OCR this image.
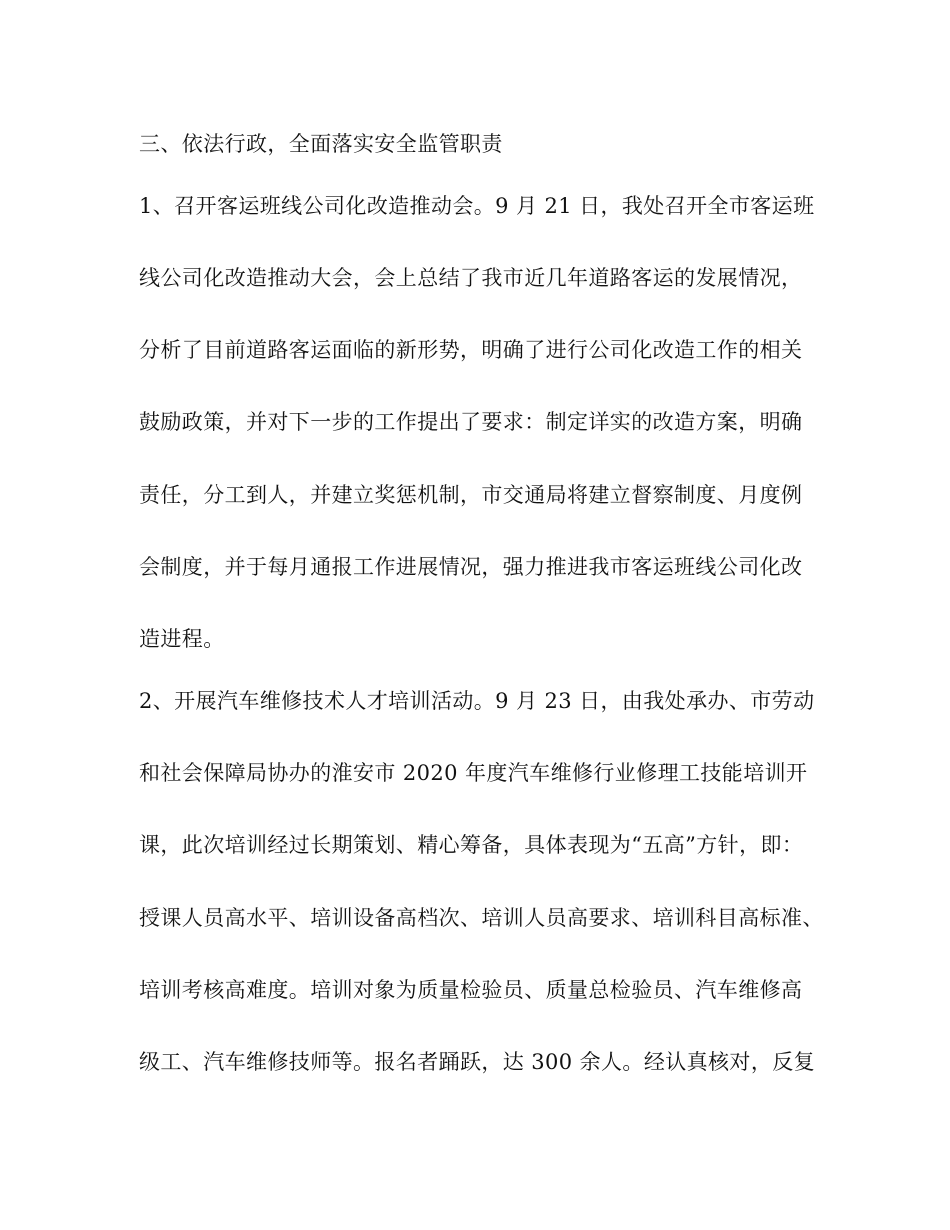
三、依法行政，全面落实安全监管职责
1、召开客运班线公司化改造推动会。9 月 21 日，我处召开全市客运班
线公司化改造推动大会，会上总结了我市近几年道路客运的发展情况，
分析了目前道路客运面临的新形势，明确了进行公司化改造工作的相关
鼓励政策，并对下一步的工作提出了要求：制定详实的改造方案，明确
责任，分工到人，并建立奖惩机制，市交通局将建立督察制度、月度例
会制度，并于每月通报工作进展情况，强力推进我市客运班线公司化改
造进程。
2、开展汽车维修技术人才培训活动。9 月 23 日，由我处承办、市劳动
和社会保障局协办的淮安市 2020 年度汽车维修行业修理工技能培训开
课，此次培训经过长期策划、精心筹备，具体表现为“五高”方针，即：
授课人员高水平、培训设备高档次、培训人员高要求、培训科目高标准、
培训考核高难度。培训对象为质量检验员、质量总检验员、汽车维修高
级工、汽车维修技师等。报名者踊跃，达 300 余人。经认真核对，反复
